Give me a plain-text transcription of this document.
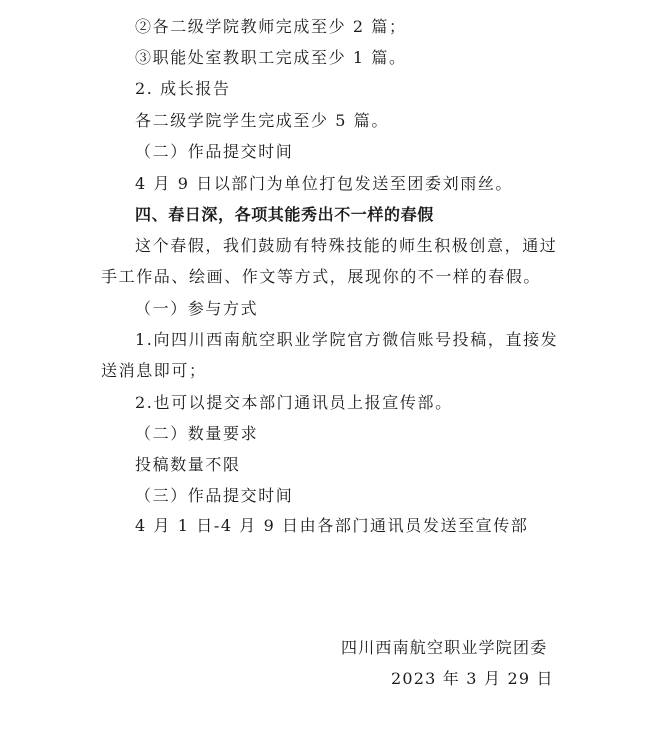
②各二级学院教师完成至少 2 篇；
③职能处室教职工完成至少 1 篇。
2. 成长报告
各二级学院学生完成至少 5 篇。
（二）作品提交时间
4 月 9 日以部门为单位打包发送至团委刘雨丝。
四、春日深，各项其能秀出不一样的春假
这个春假，我们鼓励有特殊技能的师生积极创意，通过
手工作品、绘画、作文等方式，展现你的不一样的春假。
（一）参与方式
1.向四川西南航空职业学院官方微信账号投稿，直接发
送消息即可；
2.也可以提交本部门通讯员上报宣传部。
（二）数量要求
投稿数量不限
（三）作品提交时间
4 月 1 日-4 月 9 日由各部门通讯员发送至宣传部
四川西南航空职业学院团委
2023 年 3 月 29 日
